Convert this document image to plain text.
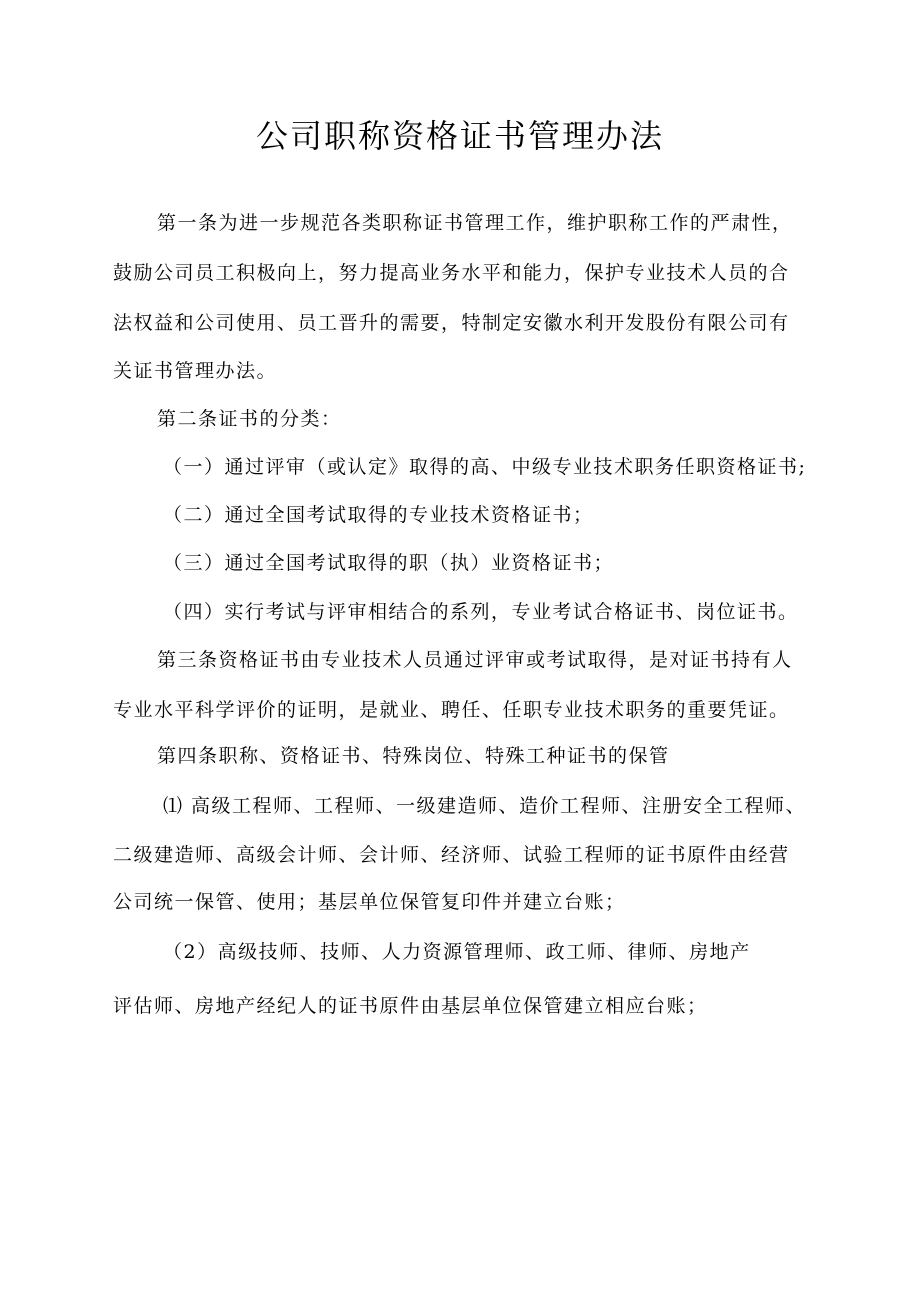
公司职称资格证书管理办法
第一条为进一步规范各类职称证书管理工作，维护职称工作的严肃性，
鼓励公司员工积极向上，努力提高业务水平和能力，保护专业技术人员的合
法权益和公司使用、员工晋升的需要，特制定安徽水利开发股份有限公司有
关证书管理办法。
第二条证书的分类：
（一）通过评审（或认定》取得的高、中级专业技术职务任职资格证书;
（二）通过全国考试取得的专业技术资格证书；
（三）通过全国考试取得的职（执）业资格证书；
（四）实行考试与评审相结合的系列，专业考试合格证书、岗位证书。
第三条资格证书由专业技术人员通过评审或考试取得，是对证书持有人
专业水平科学评价的证明，是就业、聘任、任职专业技术职务的重要凭证。
第四条职称、资格证书、特殊岗位、特殊工种证书的保管
⑴ 高级工程师、工程师、一级建造师、造价工程师、注册安全工程师、
二级建造师、高级会计师、会计师、经济师、试验工程师的证书原件由经营
公司统一保管、使用；基层单位保管复印件并建立台账；
（2）高级技师、技师、人力资源管理师、政工师、律师、房地产
评估师、房地产经纪人的证书原件由基层单位保管建立相应台账；
